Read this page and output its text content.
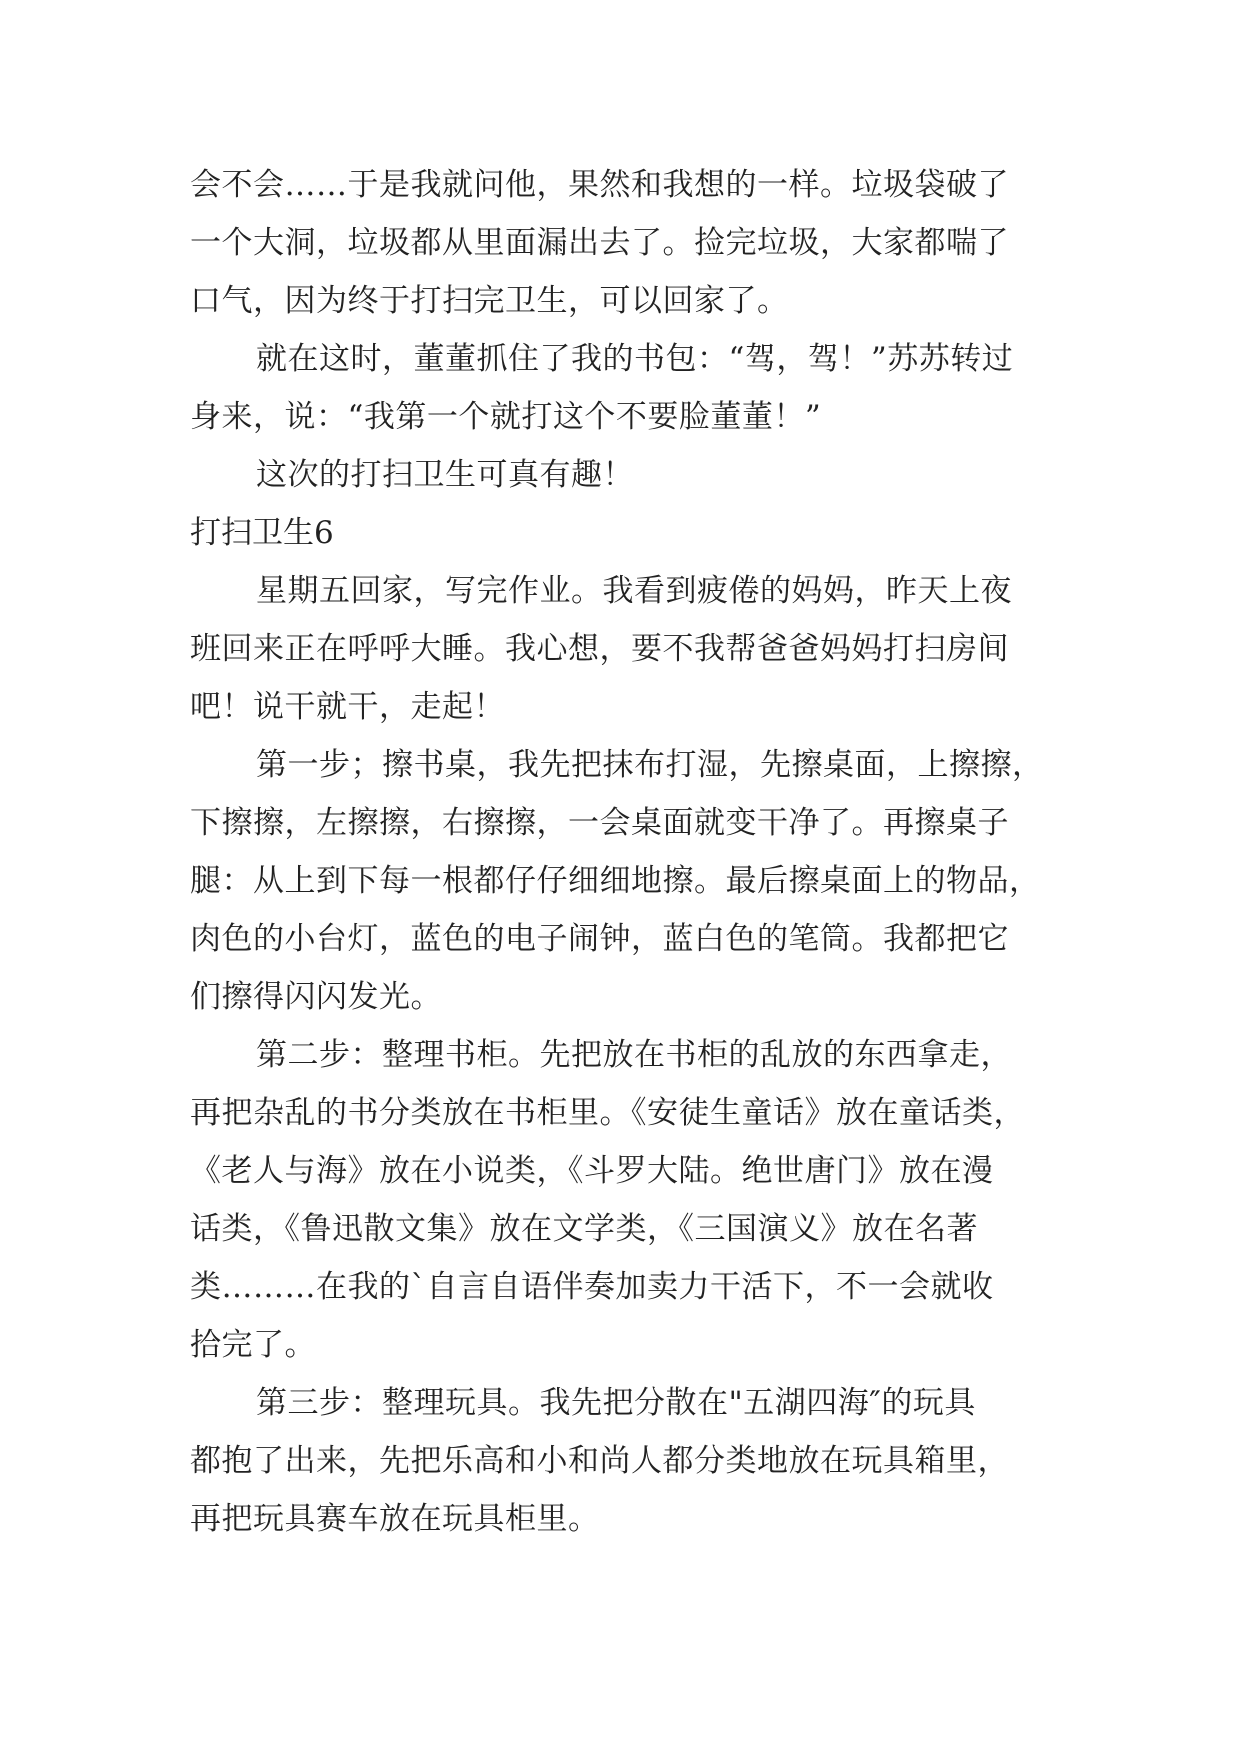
会不会……于是我就问他，果然和我想的一样。垃圾袋破了
一个大洞，垃圾都从里面漏出去了。捡完垃圾，大家都喘了
口气，因为终于打扫完卫生，可以回家了。
就在这时，董董抓住了我的书包：“驾，驾！”苏苏转过
身来，说：“我第一个就打这个不要脸董董！”
这次的打扫卫生可真有趣！
打扫卫生6
星期五回家，写完作业。我看到疲倦的妈妈，昨天上夜
班回来正在呼呼大睡。我心想，要不我帮爸爸妈妈打扫房间
吧！说干就干，走起！
第一步；擦书桌，我先把抹布打湿，先擦桌面，上擦擦，
下擦擦，左擦擦，右擦擦，一会桌面就变干净了。再擦桌子
腿：从上到下每一根都仔仔细细地擦。最后擦桌面上的物品，
肉色的小台灯，蓝色的电子闹钟，蓝白色的笔筒。我都把它
们擦得闪闪发光。
第二步：整理书柜。先把放在书柜的乱放的东西拿走，
再把杂乱的书分类放在书柜里。《安徒生童话》放在童话类，
《老人与海》放在小说类，《斗罗大陆。绝世唐门》放在漫
话类，《鲁迅散文集》放在文学类，《三国演义》放在名著
类………在我的`自言自语伴奏加卖力干活下，不一会就收
拾完了。
第三步：整理玩具。我先把分散在"五湖四海″的玩具
都抱了出来，先把乐高和小和尚人都分类地放在玩具箱里，
再把玩具赛车放在玩具柜里。
